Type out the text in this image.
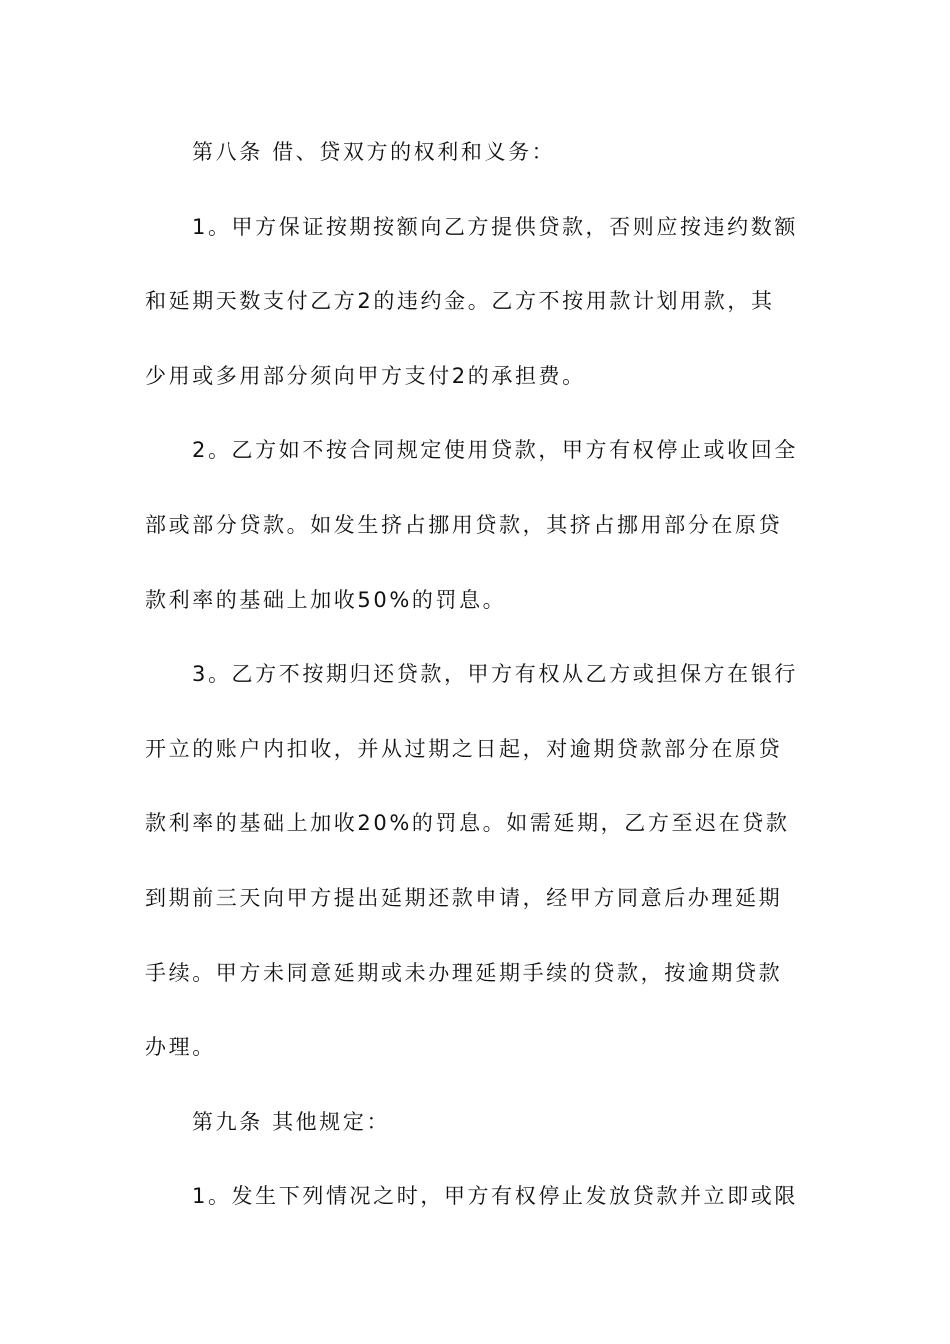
第八条 借、贷双方的权利和义务：
1。甲方保证按期按额向乙方提供贷款，否则应按违约数额
和延期天数支付乙方2的违约金。乙方不按用款计划用款，其
少用或多用部分须向甲方支付2的承担费。
2。乙方如不按合同规定使用贷款，甲方有权停止或收回全
部或部分贷款。如发生挤占挪用贷款，其挤占挪用部分在原贷
款利率的基础上加收50%的罚息。
3。乙方不按期归还贷款，甲方有权从乙方或担保方在银行
开立的账户内扣收，并从过期之日起，对逾期贷款部分在原贷
款利率的基础上加收20%的罚息。如需延期，乙方至迟在贷款
到期前三天向甲方提出延期还款申请，经甲方同意后办理延期
手续。甲方未同意延期或未办理延期手续的贷款，按逾期贷款
办理。
第九条 其他规定：
1。发生下列情况之时，甲方有权停止发放贷款并立即或限
